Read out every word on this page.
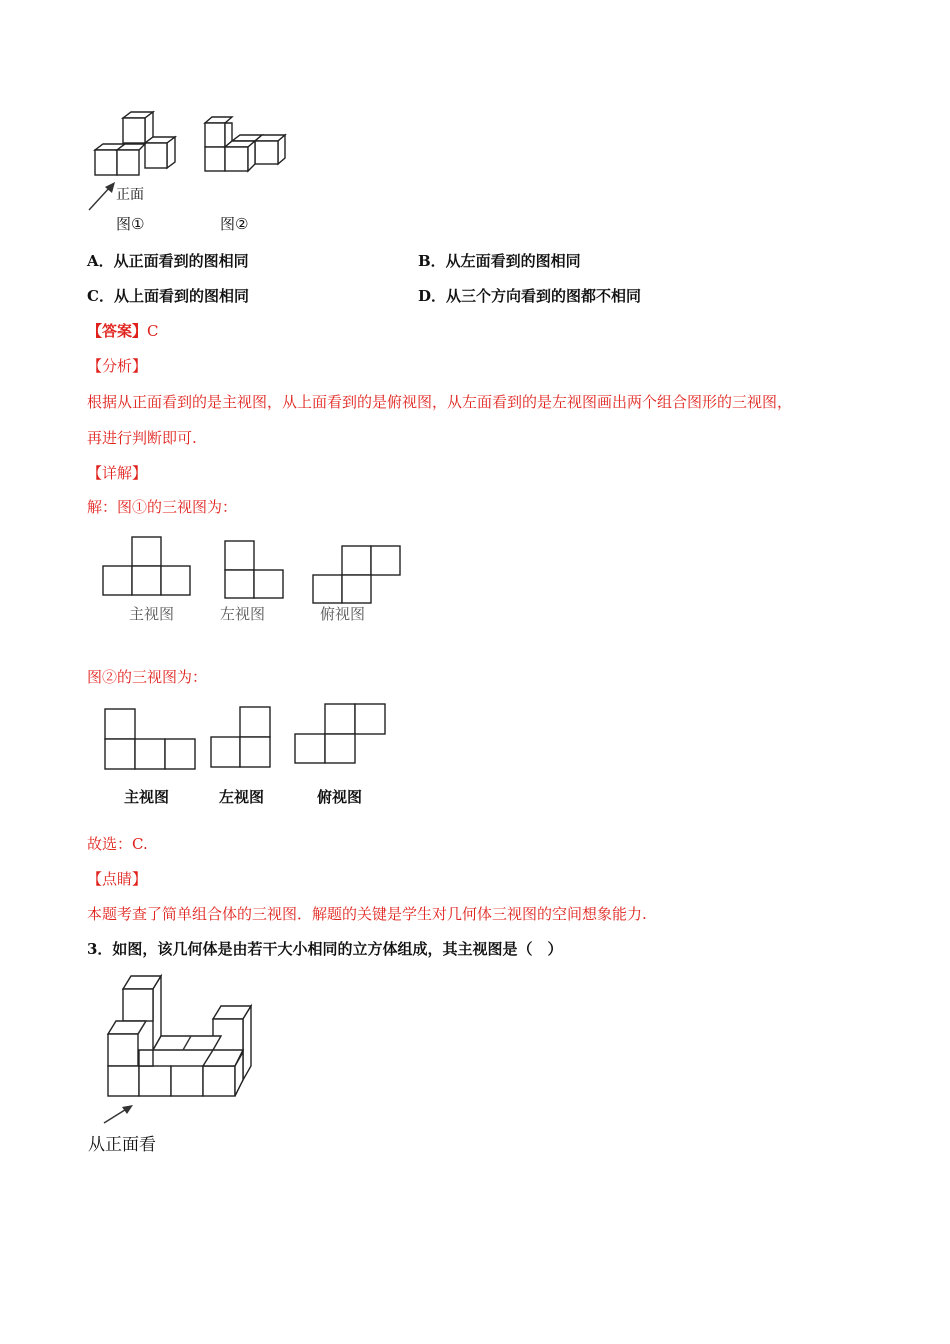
正面
图①	图②
A．从正面看到的图相同	B．从左面看到的图相同
C．从上面看到的图相同	D．从三个方向看到的图都不相同
【答案】C
【分析】
根据从正面看到的是主视图，从上面看到的是俯视图，从左面看到的是左视图画出两个组合图形的三视图，
再进行判断即可.
【详解】
解：图①的三视图为：
主视图	左视图	俯视图
图②的三视图为：
主视图	左视图	俯视图
故选：C.
【点睛】
本题考查了简单组合体的三视图．解题的关键是学生对几何体三视图的空间想象能力.
3．如图，该几何体是由若干大小相同的立方体组成，其主视图是（　）
从正面看
